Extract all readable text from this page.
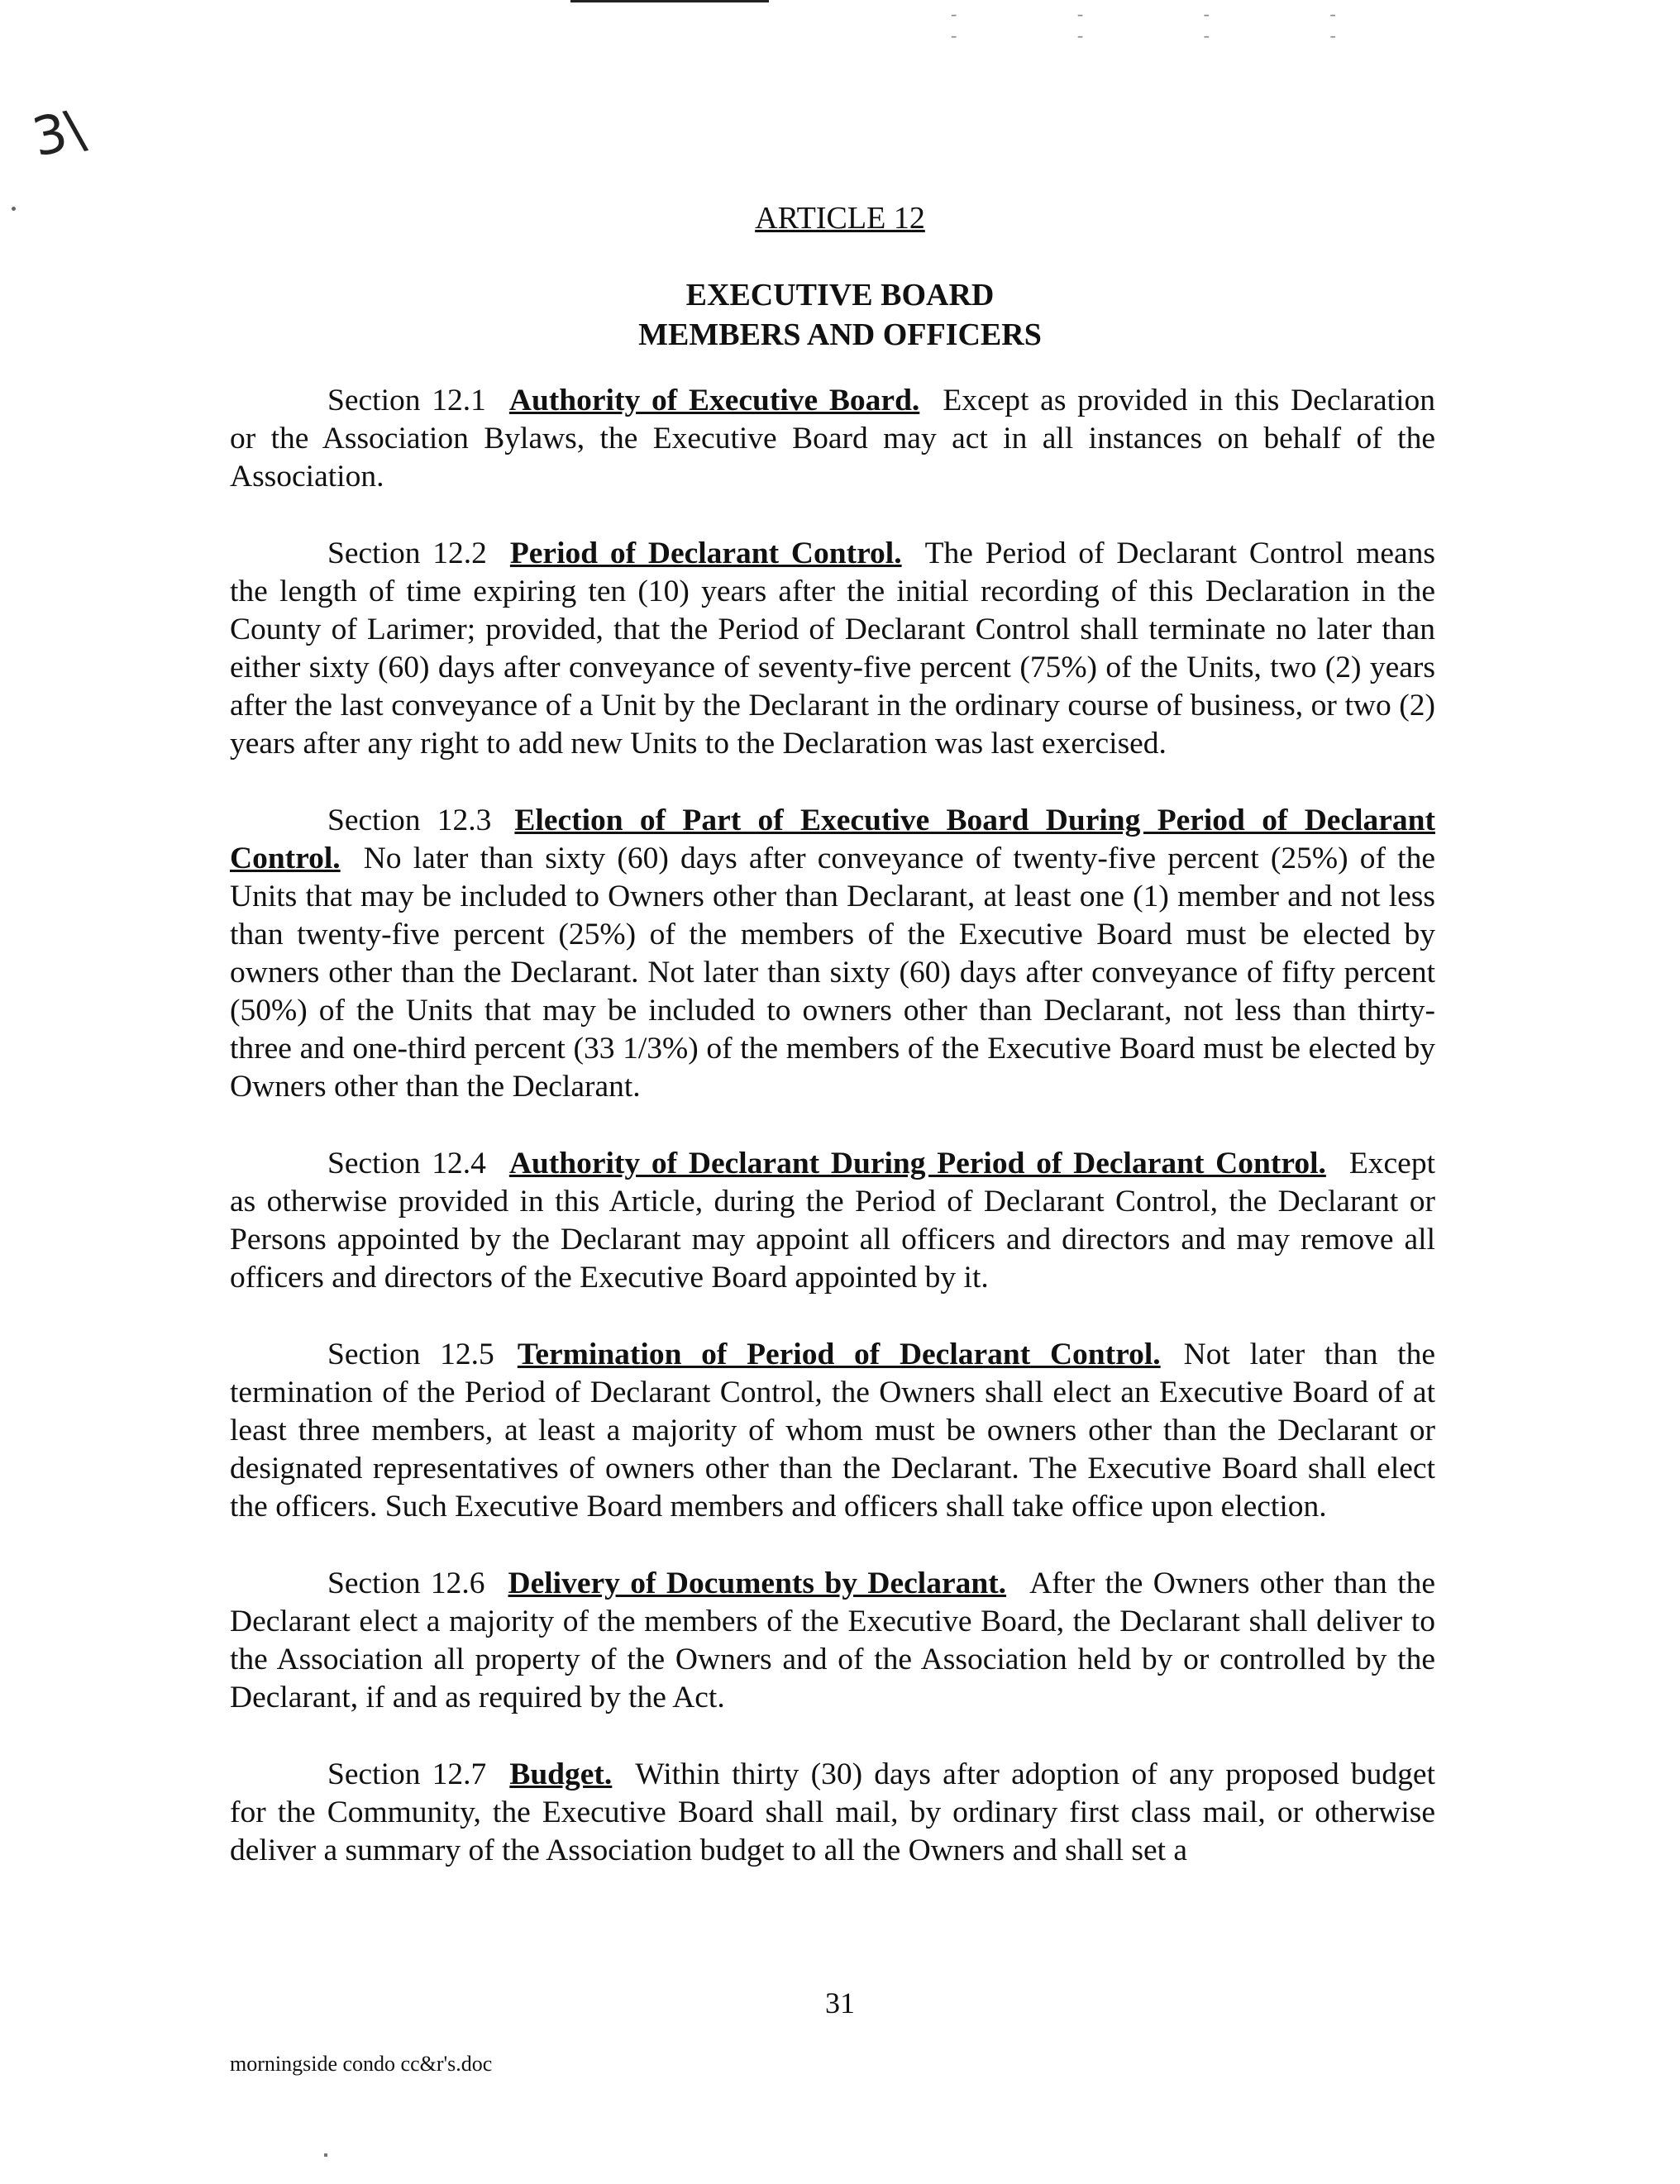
- - - - - - - -
3\
ARTICLE 12
EXECUTIVE BOARD
MEMBERS AND OFFICERS

Section 12.1 Authority of Executive Board. Except as provided in this Declaration or the Association Bylaws, the Executive Board may act in all instances on behalf of the Association.

Section 12.2 Period of Declarant Control. The Period of Declarant Control means the length of time expiring ten (10) years after the initial recording of this Declaration in the County of Larimer; provided, that the Period of Declarant Control shall terminate no later than either sixty (60) days after conveyance of seventy-five percent (75%) of the Units, two (2) years after the last conveyance of a Unit by the Declarant in the ordinary course of business, or two (2) years after any right to add new Units to the Declaration was last exercised.

Section 12.3 Election of Part of Executive Board During Period of Declarant Control. No later than sixty (60) days after conveyance of twenty-five percent (25%) of the Units that may be included to Owners other than Declarant, at least one (1) member and not less than twenty-five percent (25%) of the members of the Executive Board must be elected by owners other than the Declarant. Not later than sixty (60) days after conveyance of fifty percent (50%) of the Units that may be included to owners other than Declarant, not less than thirty-three and one-third percent (33 1/3%) of the members of the Executive Board must be elected by Owners other than the Declarant.

Section 12.4 Authority of Declarant During Period of Declarant Control. Except as otherwise provided in this Article, during the Period of Declarant Control, the Declarant or Persons appointed by the Declarant may appoint all officers and directors and may remove all officers and directors of the Executive Board appointed by it.

Section 12.5 Termination of Period of Declarant Control. Not later than the termination of the Period of Declarant Control, the Owners shall elect an Executive Board of at least three members, at least a majority of whom must be owners other than the Declarant or designated representatives of owners other than the Declarant. The Executive Board shall elect the officers. Such Executive Board members and officers shall take office upon election.

Section 12.6 Delivery of Documents by Declarant. After the Owners other than the Declarant elect a majority of the members of the Executive Board, the Declarant shall deliver to the Association all property of the Owners and of the Association held by or controlled by the Declarant, if and as required by the Act.

Section 12.7 Budget. Within thirty (30) days after adoption of any proposed budget for the Community, the Executive Board shall mail, by ordinary first class mail, or otherwise deliver a summary of the Association budget to all the Owners and shall set a

31
morningside condo cc&r's.doc
